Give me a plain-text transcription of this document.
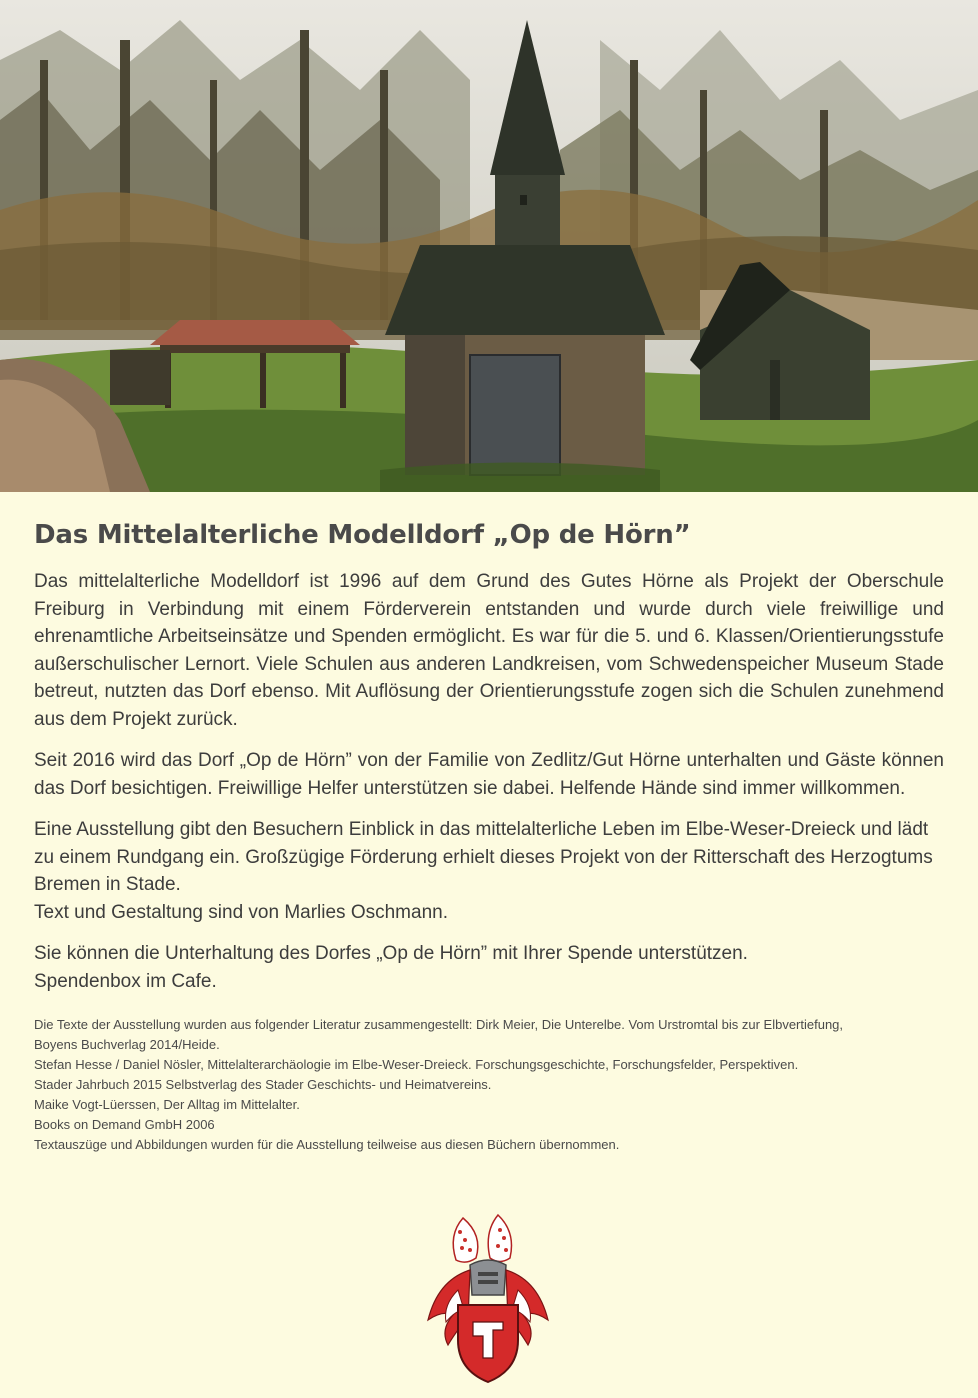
Das Mittelalterliche Modelldorf „Op de Hörn”

Das mittelalterliche Modelldorf ist 1996 auf dem Grund des Gutes Hörne als Projekt der Oberschule Freiburg in Verbindung mit einem Förderverein entstanden und wurde durch viele freiwillige und ehrenamtliche Arbeitseinsätze und Spenden ermöglicht. Es war für die 5. und 6. Klassen/Orientierungsstufe außerschulischer Lernort. Viele Schulen aus anderen Landkreisen, vom Schwedenspeicher Museum Stade betreut, nutzten das Dorf ebenso. Mit Auflösung der Orientierungsstufe zogen sich die Schulen zunehmend aus dem Projekt zurück.

Seit 2016 wird das Dorf „Op de Hörn” von der Familie von Zedlitz/Gut Hörne unterhalten und Gäste können das Dorf besichtigen. Freiwillige Helfer unterstützen sie dabei. Helfende Hände sind immer willkommen.

Eine Ausstellung gibt den Besuchern Einblick in das mittelalterliche Leben im Elbe-Weser-Dreieck und lädt zu einem Rundgang ein. Großzügige Förderung erhielt dieses Projekt von der Ritterschaft des Herzogtums Bremen in Stade.
Text und Gestaltung sind von Marlies Oschmann.

Sie können die Unterhaltung des Dorfes „Op de Hörn” mit Ihrer Spende unterstützen.
Spendenbox im Cafe.

Die Texte der Ausstellung wurden aus folgender Literatur zusammengestellt: Dirk Meier, Die Unterelbe. Vom Urstromtal bis zur Elbvertiefung,
Boyens Buchverlag 2014/Heide.
Stefan Hesse / Daniel Nösler, Mittelalterarchäologie im Elbe-Weser-Dreieck. Forschungsgeschichte, Forschungsfelder, Perspektiven.
Stader Jahrbuch 2015 Selbstverlag des Stader Geschichts- und Heimatvereins.
Maike Vogt-Lüerssen, Der Alltag im Mittelalter.
Books on Demand GmbH 2006
Textauszüge und Abbildungen wurden für die Ausstellung teilweise aus diesen Büchern übernommen.
